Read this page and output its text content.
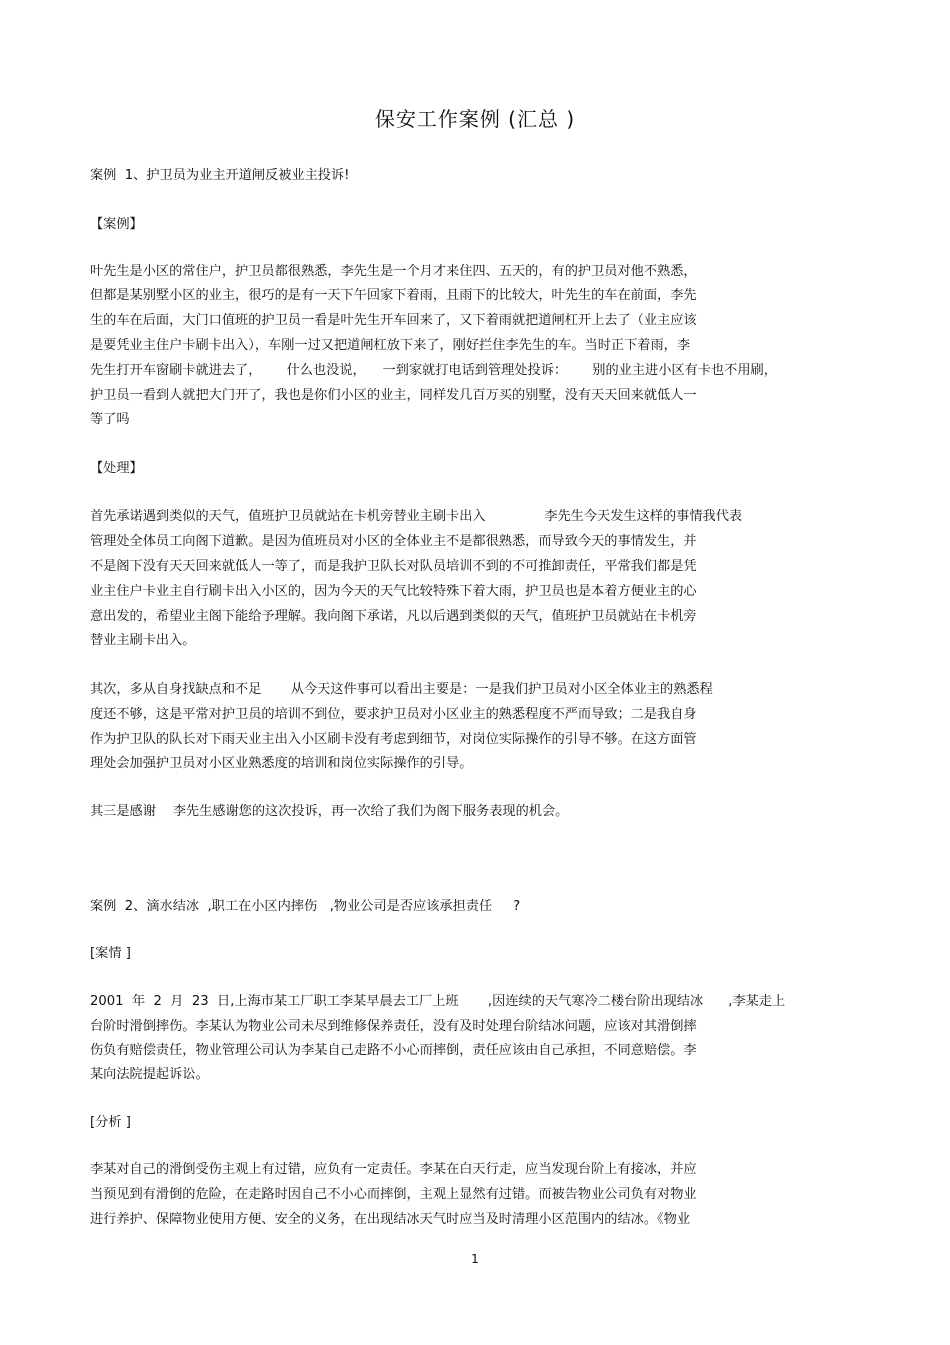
保安工作案例 (汇总 )
案例  1、护卫员为业主开道闸反被业主投诉!
【案例】
叶先生是小区的常住户，护卫员都很熟悉，李先生是一个月才来住四、五天的，有的护卫员对他不熟悉，
但都是某别墅小区的业主，很巧的是有一天下午回家下着雨，且雨下的比较大，叶先生的车在前面，李先
生的车在后面，大门口值班的护卫员一看是叶先生开车回来了，又下着雨就把道闸杠开上去了（业主应该
是要凭业主住户卡刷卡出入），车刚一过又把道闸杠放下来了，刚好拦住李先生的车。当时正下着雨，李
先生打开车窗刷卡就进去了，      什么也没说，    一到家就打电话到管理处投诉：      别的业主进小区有卡也不用刷，
护卫员一看到人就把大门开了，我也是你们小区的业主，同样发几百万买的别墅，没有天天回来就低人一
等了吗
【处理】
首先承诺遇到类似的天气，值班护卫员就站在卡机旁替业主刷卡出入              李先生今天发生这样的事情我代表
管理处全体员工向阁下道歉。是因为值班员对小区的全体业主不是都很熟悉，而导致今天的事情发生，并
不是阁下没有天天回来就低人一等了，而是我护卫队长对队员培训不到的不可推卸责任，平常我们都是凭
业主住户卡业主自行刷卡出入小区的，因为今天的天气比较特殊下着大雨，护卫员也是本着方便业主的心
意出发的，希望业主阁下能给予理解。我向阁下承诺，凡以后遇到类似的天气，值班护卫员就站在卡机旁
替业主刷卡出入。
其次，多从自身找缺点和不足       从今天这件事可以看出主要是：一是我们护卫员对小区全体业主的熟悉程
度还不够，这是平常对护卫员的培训不到位，要求护卫员对小区业主的熟悉程度不严而导致；二是我自身
作为护卫队的队长对下雨天业主出入小区刷卡没有考虑到细节，对岗位实际操作的引导不够。在这方面管
理处会加强护卫员对小区业熟悉度的培训和岗位实际操作的引导。
其三是感谢    李先生感谢您的这次投诉，再一次给了我们为阁下服务表现的机会。
案例  2、滴水结冰  ,职工在小区内摔伤   ,物业公司是否应该承担责任     ?
[案情 ]
2001  年  2  月  23  日,上海市某工厂职工李某早晨去工厂上班       ,因连续的天气寒冷二楼台阶出现结冰      ,李某走上
台阶时滑倒摔伤。李某认为物业公司未尽到维修保养责任，没有及时处理台阶结冰问题，应该对其滑倒摔
伤负有赔偿责任，物业管理公司认为李某自己走路不小心而摔倒，责任应该由自己承担，不同意赔偿。李
某向法院提起诉讼。
[分析 ]
李某对自己的滑倒受伤主观上有过错，应负有一定责任。李某在白天行走，应当发现台阶上有接冰，并应
当预见到有滑倒的危险，在走路时因自己不小心而摔倒，主观上显然有过错。而被告物业公司负有对物业
进行养护、保障物业使用方便、安全的义务，在出现结冰天气时应当及时清理小区范围内的结冰。《物业
1
